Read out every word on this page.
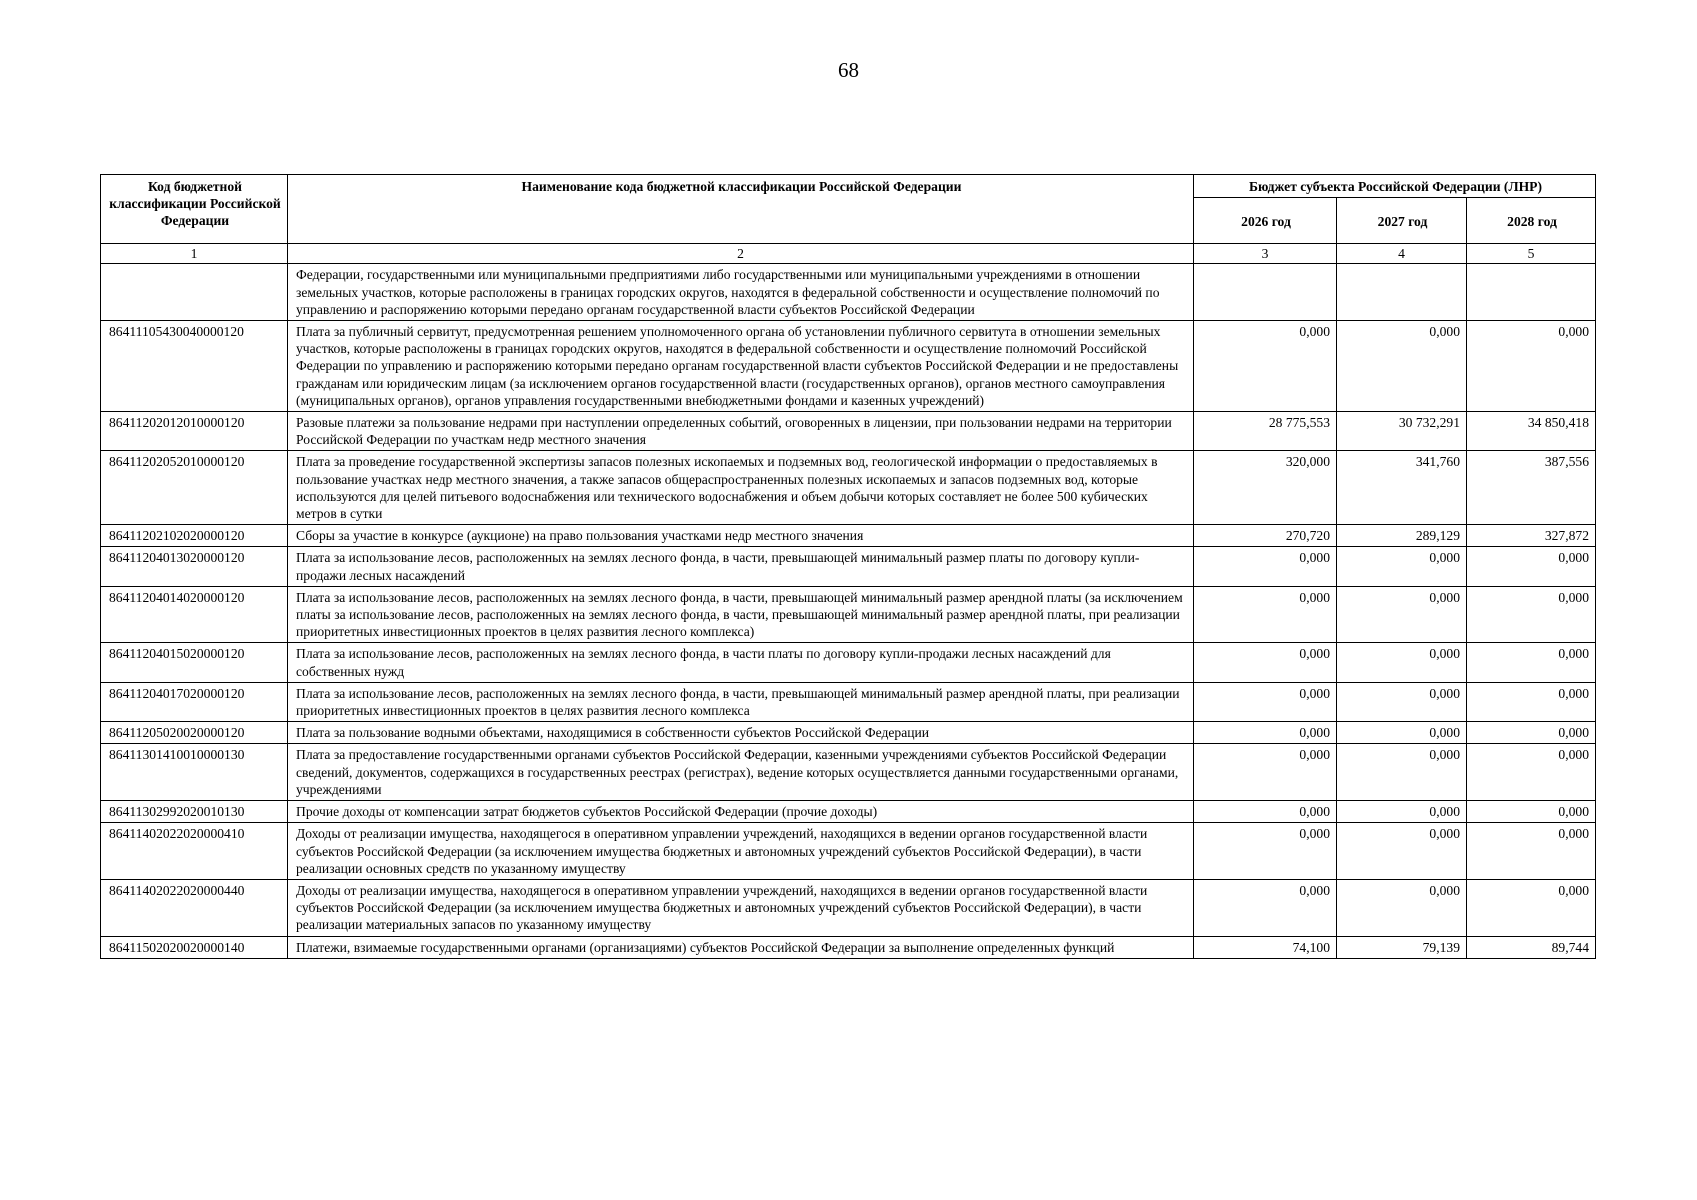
68
Код бюджетной классификации Российской Федерации	Наименование кода бюджетной классификации Российской Федерации	Бюджет субъекта Российской Федерации (ЛНР)		
		2026 год	2027 год	2028 год
1	2	3	4	5
	Федерации, государственными или муниципальными предприятиями либо государственными или муниципальными учреждениями в отношении земельных участков, которые расположены в границах городских округов, находятся в федеральной собственности и осуществление полномочий по управлению и распоряжению которыми передано органам государственной власти субъектов Российской Федерации			
86411105430040000120	Плата за публичный сервитут, предусмотренная решением уполномоченного органа об установлении публичного сервитута в отношении земельных участков, которые расположены в границах городских округов, находятся в федеральной собственности и осуществление полномочий Российской Федерации по управлению и распоряжению которыми передано органам государственной власти субъектов Российской Федерации и не предоставлены гражданам или юридическим лицам (за исключением органов государственной власти (государственных органов), органов местного самоуправления (муниципальных органов), органов управления государственными внебюджетными фондами и казенных учреждений)	0,000	0,000	0,000
86411202012010000120	Разовые платежи за пользование недрами при наступлении определенных событий, оговоренных в лицензии, при пользовании недрами на территории Российской Федерации по участкам недр местного значения	28 775,553	30 732,291	34 850,418
86411202052010000120	Плата за проведение государственной экспертизы запасов полезных ископаемых и подземных вод, геологической информации о предоставляемых в пользование участках недр местного значения, а также запасов общераспространенных полезных ископаемых и запасов подземных вод, которые используются для целей питьевого водоснабжения или технического водоснабжения и объем добычи которых составляет не более 500 кубических метров в сутки	320,000	341,760	387,556
86411202102020000120	Сборы за участие в конкурсе (аукционе) на право пользования участками недр местного значения	270,720	289,129	327,872
86411204013020000120	Плата за использование лесов, расположенных на землях лесного фонда, в части, превышающей минимальный размер платы по договору купли-продажи лесных насаждений	0,000	0,000	0,000
86411204014020000120	Плата за использование лесов, расположенных на землях лесного фонда, в части, превышающей минимальный размер арендной платы (за исключением платы за использование лесов, расположенных на землях лесного фонда, в части, превышающей минимальный размер арендной платы, при реализации приоритетных инвестиционных проектов в целях развития лесного комплекса)	0,000	0,000	0,000
86411204015020000120	Плата за использование лесов, расположенных на землях лесного фонда, в части платы по договору купли-продажи лесных насаждений для собственных нужд	0,000	0,000	0,000
86411204017020000120	Плата за использование лесов, расположенных на землях лесного фонда, в части, превышающей минимальный размер арендной платы, при реализации приоритетных инвестиционных проектов в целях развития лесного комплекса	0,000	0,000	0,000
86411205020020000120	Плата за пользование водными объектами, находящимися в собственности субъектов Российской Федерации	0,000	0,000	0,000
86411301410010000130	Плата за предоставление государственными органами субъектов Российской Федерации, казенными учреждениями субъектов Российской Федерации сведений, документов, содержащихся в государственных реестрах (регистрах), ведение которых осуществляется данными государственными органами, учреждениями	0,000	0,000	0,000
86411302992020010130	Прочие доходы от компенсации затрат бюджетов субъектов Российской Федерации (прочие доходы)	0,000	0,000	0,000
86411402022020000410	Доходы от реализации имущества, находящегося в оперативном управлении учреждений, находящихся в ведении органов государственной власти субъектов Российской Федерации (за исключением имущества бюджетных и автономных учреждений субъектов Российской Федерации), в части реализации основных средств по указанному имуществу	0,000	0,000	0,000
86411402022020000440	Доходы от реализации имущества, находящегося в оперативном управлении учреждений, находящихся в ведении органов государственной власти субъектов Российской Федерации (за исключением имущества бюджетных и автономных учреждений субъектов Российской Федерации), в части реализации материальных запасов по указанному имуществу	0,000	0,000	0,000
86411502020020000140	Платежи, взимаемые государственными органами (организациями) субъектов Российской Федерации за выполнение определенных функций	74,100	79,139	89,744
